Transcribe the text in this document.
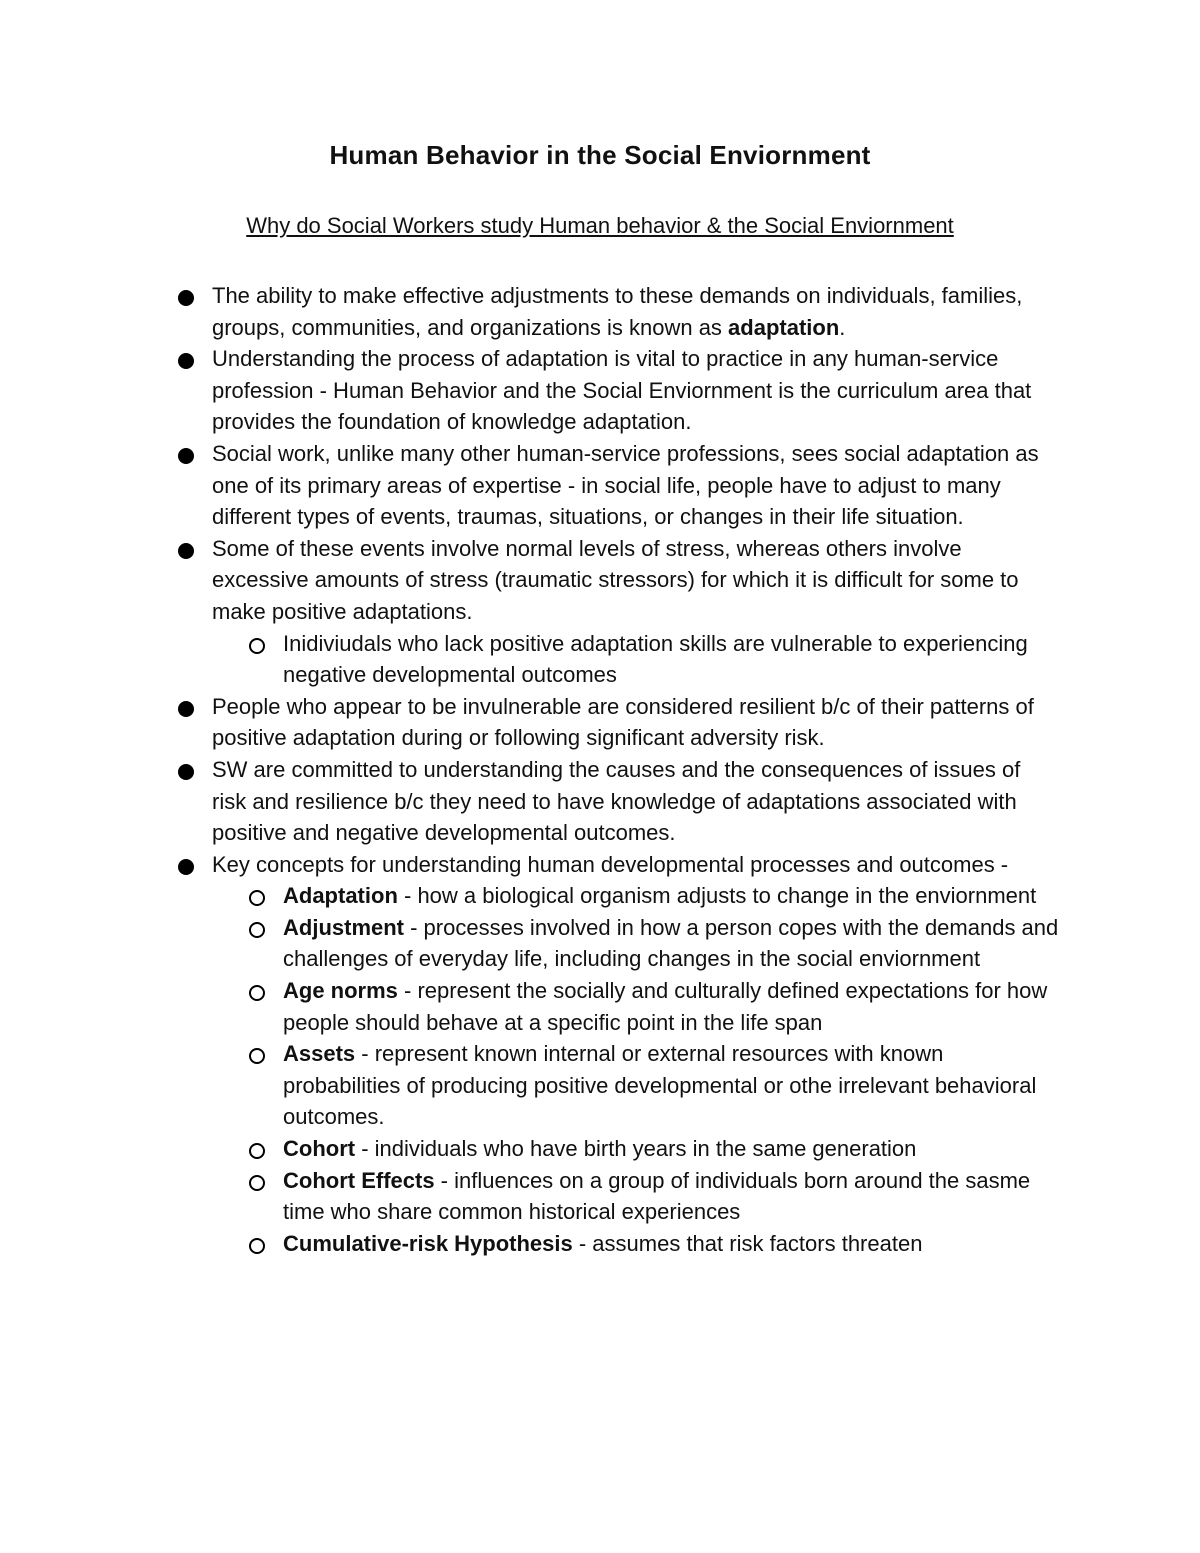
Human Behavior in the Social Enviornment

Why do Social Workers study Human behavior & the Social Enviornment

The ability to make effective adjustments to these demands on individuals, families, groups, communities, and organizations is known as adaptation.

Understanding the process of adaptation is vital to practice in any human-service profession - Human Behavior and the Social Enviornment is the curriculum area that provides the foundation of knowledge adaptation.

Social work, unlike many other human-service professions, sees social adaptation as one of its primary areas of expertise - in social life, people have to adjust to many different types of events, traumas, situations, or changes in their life situation.

Some of these events involve normal levels of stress, whereas others involve excessive amounts of stress (traumatic stressors) for which it is difficult for some to make positive adaptations.

Inidiviudals who lack positive adaptation skills are vulnerable to experiencing negative developmental outcomes

People who appear to be invulnerable are considered resilient b/c of their patterns of positive adaptation during or following significant adversity risk.

SW are committed to understanding the causes and the consequences of issues of risk and resilience b/c they need to have knowledge of adaptations associated with positive and negative developmental outcomes.

Key concepts for understanding human developmental processes and outcomes -

Adaptation - how a biological organism adjusts to change in the enviornment

Adjustment - processes involved in how a person copes with the demands and challenges of everyday life, including changes in the social enviornment

Age norms - represent the socially and culturally defined expectations for how people should behave at a specific point in the life span

Assets - represent known internal or external resources with known probabilities of producing positive developmental or othe irrelevant behavioral outcomes.

Cohort - individuals who have birth years in the same generation

Cohort Effects - influences on a group of individuals born around the sasme time who share common historical experiences

Cumulative-risk Hypothesis - assumes that risk factors threaten
